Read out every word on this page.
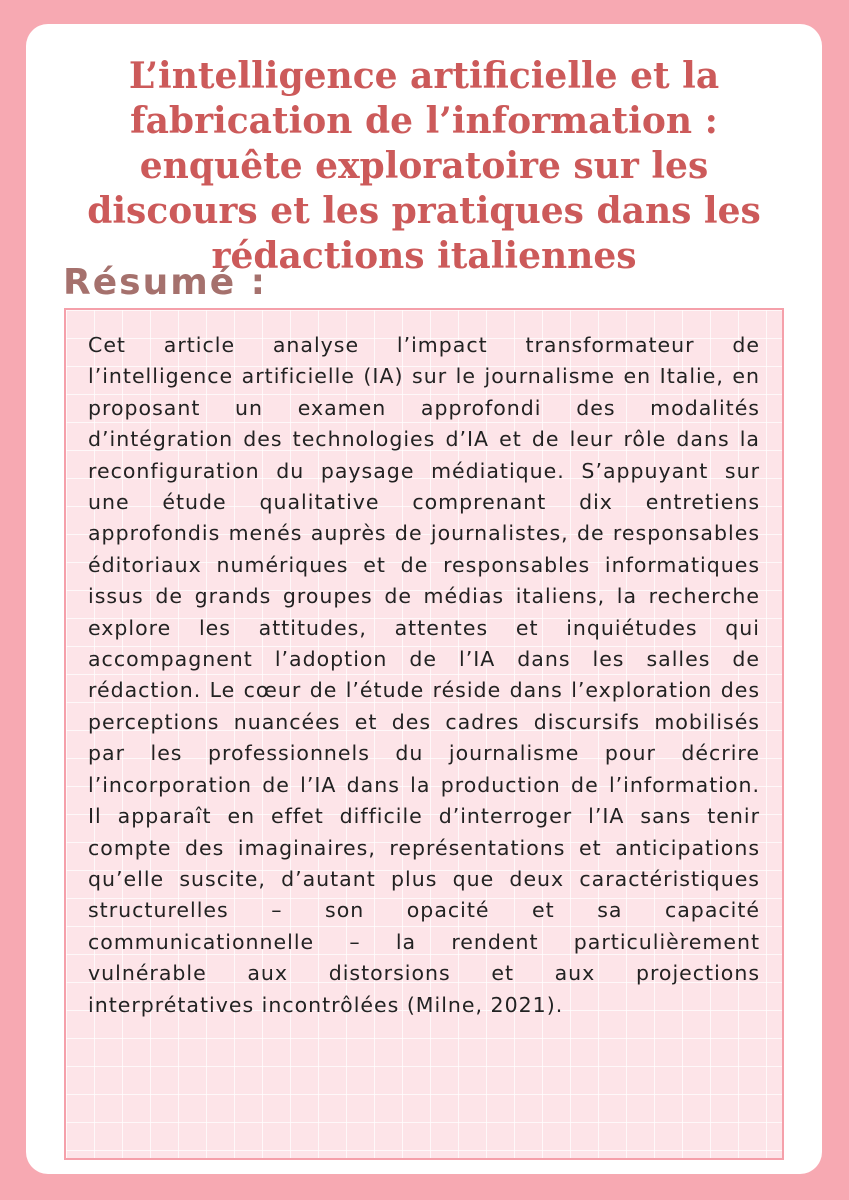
L’intelligence artificielle et la fabrication de l’information : enquête exploratoire sur les discours et les pratiques dans les rédactions italiennes
Résumé :

Cet article analyse l’impact transformateur de l’intelligence artificielle (IA) sur le journalisme en Italie, en proposant un examen approfondi des modalités d’intégration des technologies d’IA et de leur rôle dans la reconfiguration du paysage médiatique. S’appuyant sur une étude qualitative comprenant dix entretiens approfondis menés auprès de journalistes, de responsables éditoriaux numériques et de responsables informatiques issus de grands groupes de médias italiens, la recherche explore les attitudes, attentes et inquiétudes qui accompagnent l’adoption de l’IA dans les salles de rédaction. Le cœur de l’étude réside dans l’exploration des perceptions nuancées et des cadres discursifs mobilisés par les professionnels du journalisme pour décrire l’incorporation de l’IA dans la production de l’information. Il apparaît en effet difficile d’interroger l’IA sans tenir compte des imaginaires, représentations et anticipations qu’elle suscite, d’autant plus que deux caractéristiques structurelles – son opacité et sa capacité communicationnelle – la rendent particulièrement vulnérable aux distorsions et aux projections interprétatives incontrôlées (Milne, 2021).
